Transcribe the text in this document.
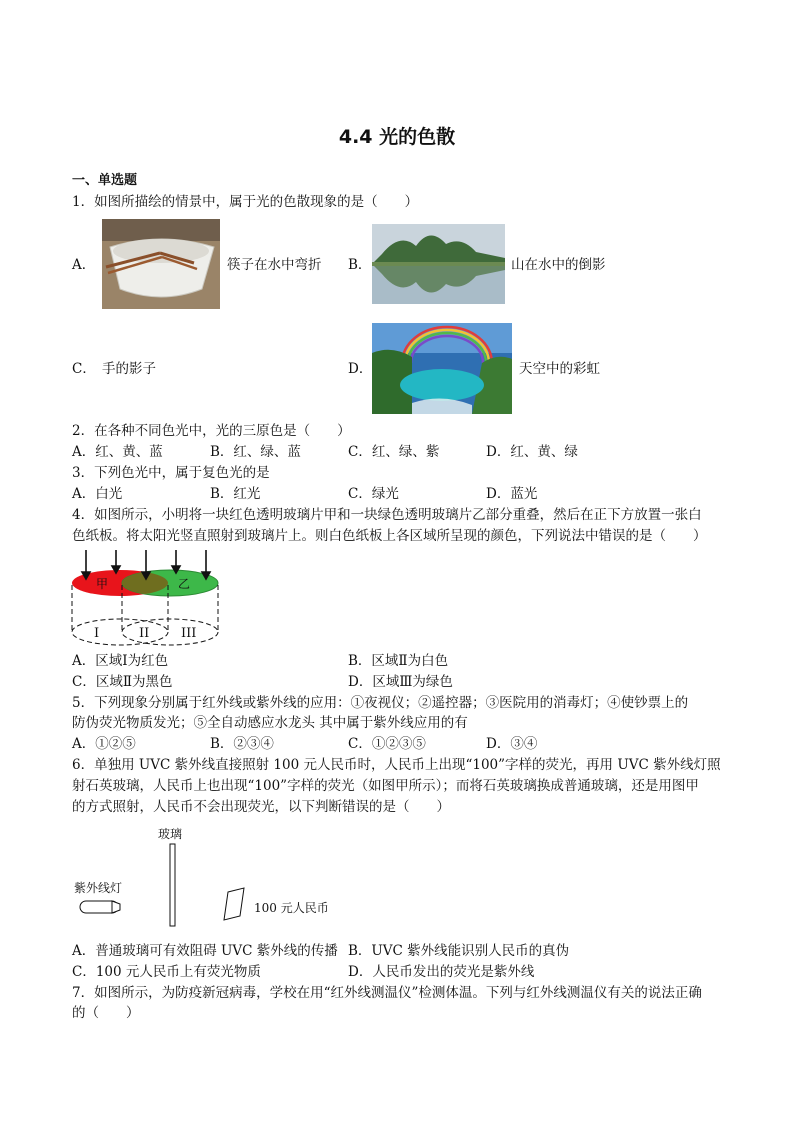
4.4 光的色散
一、单选题
1．如图所描绘的情景中，属于光的色散现象的是（　　）
A．	筷子在水中弯折 B．	山在水中的倒影
C． 手的影子	D．	天空中的彩虹
2．在各种不同色光中，光的三原色是（　　）
A．红、黄、蓝	B．红、绿、蓝	C．红、绿、紫	D．红、黄、绿
3．下列色光中，属于复色光的是
A．白光	B．红光	C．绿光	D．蓝光
4．如图所示，小明将一块红色透明玻璃片甲和一块绿色透明玻璃片乙部分重叠，然后在正下方放置一张白
色纸板。将太阳光竖直照射到玻璃片上。则白色纸板上各区域所呈现的颜色，下列说法中错误的是（　　）
甲	乙
I	II III
A．区域Ⅰ为红色	B．区域Ⅱ为白色
C．区域Ⅱ为黑色	D．区域Ⅲ为绿色
5．下列现象分别属于红外线或紫外线的应用：①夜视仪；②遥控器；③医院用的消毒灯；④使钞票上的
防伪荧光物质发光；⑤全自动感应水龙头 其中属于紫外线应用的有
A．①②⑤	B．②③④	C．①②③⑤	D．③④
6．单独用 UVC 紫外线直接照射 100 元人民币时，人民币上出现“100”字样的荧光，再用 UVC 紫外线灯照
射石英玻璃，人民币上也出现“100”字样的荧光（如图甲所示）；而将石英玻璃换成普通玻璃，还是用图甲
的方式照射，人民币不会出现荧光，以下判断错误的是（　　）
玻璃
紫外线灯
100 元人民币
A．普通玻璃可有效阻碍 UVC 紫外线的传播 B．UVC 紫外线能识别人民币的真伪
C．100 元人民币上有荧光物质	D．人民币发出的荧光是紫外线
7．如图所示，为防疫新冠病毒，学校在用“红外线测温仪”检测体温。下列与红外线测温仪有关的说法正确
的（　　）
